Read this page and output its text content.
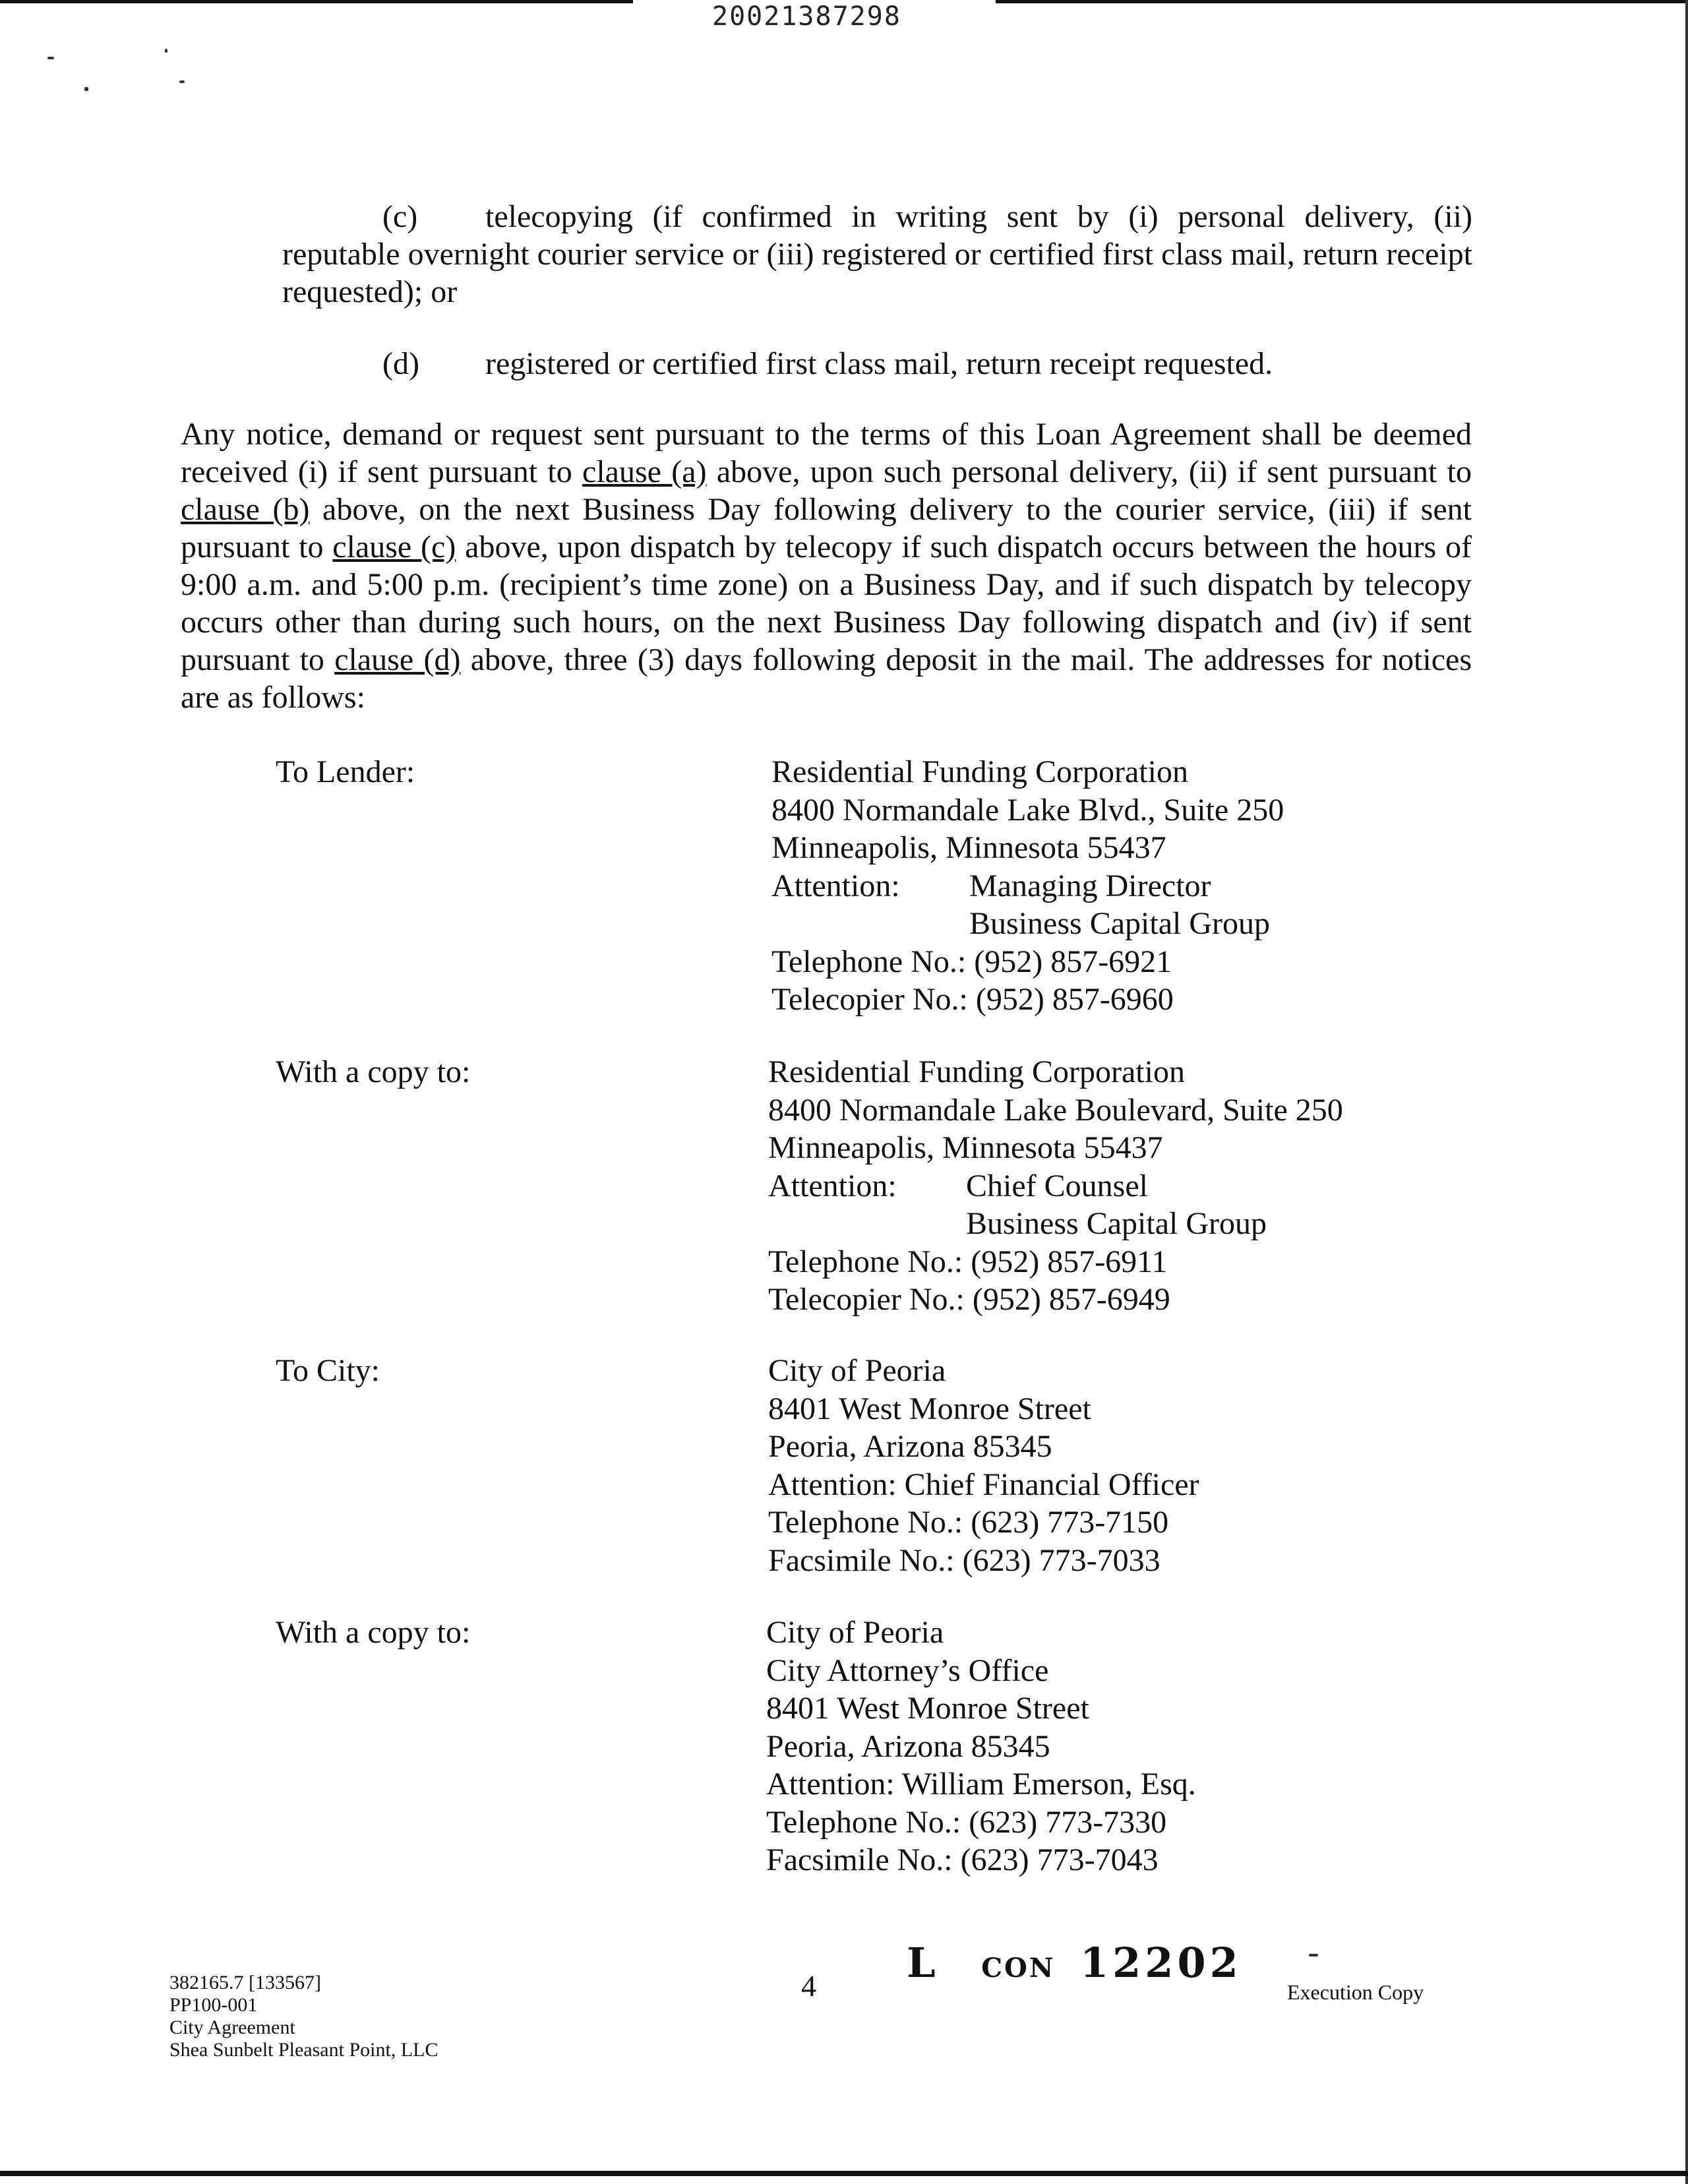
20021387298
(c) telecopying (if confirmed in writing sent by (i) personal delivery, (ii)
reputable overnight courier service or (iii) registered or certified first class mail, return receipt requested); or
(d) registered or certified first class mail, return receipt requested.
Any notice, demand or request sent pursuant to the terms of this Loan Agreement shall be deemed received (i) if sent pursuant to clause (a) above, upon such personal delivery, (ii) if sent pursuant to clause (b) above, on the next Business Day following delivery to the courier service, (iii) if sent pursuant to clause (c) above, upon dispatch by telecopy if such dispatch occurs between the hours of 9:00 a.m. and 5:00 p.m. (recipient’s time zone) on a Business Day, and if such dispatch by telecopy occurs other than during such hours, on the next Business Day following dispatch and (iv) if sent pursuant to clause (d) above, three (3) days following deposit in the mail. The addresses for notices are as follows:
To Lender:	Residential Funding Corporation
8400 Normandale Lake Blvd., Suite 250
Minneapolis, Minnesota 55437
Attention: Managing Director
Business Capital Group
Telephone No.: (952) 857-6921
Telecopier No.: (952) 857-6960
With a copy to:	Residential Funding Corporation
8400 Normandale Lake Boulevard, Suite 250
Minneapolis, Minnesota 55437
Attention: Chief Counsel
Business Capital Group
Telephone No.: (952) 857-6911
Telecopier No.: (952) 857-6949
To City:	City of Peoria
8401 West Monroe Street
Peoria, Arizona 85345
Attention: Chief Financial Officer
Telephone No.: (623) 773-7150
Facsimile No.: (623) 773-7033
With a copy to:	City of Peoria
City Attorney’s Office
8401 West Monroe Street
Peoria, Arizona 85345
Attention: William Emerson, Esq.
Telephone No.: (623) 773-7330
Facsimile No.: (623) 773-7043
382165.7 [133567]
PP100-001
City Agreement
Shea Sunbelt Pleasant Point, LLC
4 L CON 12202
Execution Copy
